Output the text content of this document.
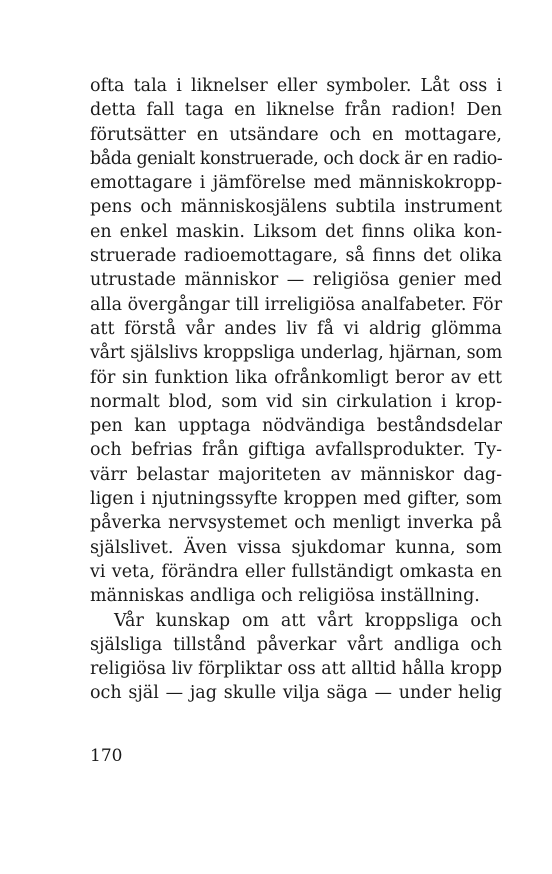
ofta tala i liknelser eller symboler. Låt oss i
detta fall taga en liknelse från radion! Den
förutsätter en utsändare och en mottagare,
båda genialt konstruerade, och dock är en radio-
emottagare i jämförelse med människokropp-
pens och människosjälens subtila instrument
en enkel maskin. Liksom det finns olika kon-
struerade radioemottagare, så finns det olika
utrustade människor — religiösa genier med
alla övergångar till irreligiösa analfabeter. För
att förstå vår andes liv få vi aldrig glömma
vårt själslivs kroppsliga underlag, hjärnan, som
för sin funktion lika ofrånkomligt beror av ett
normalt blod, som vid sin cirkulation i krop-
pen kan upptaga nödvändiga beståndsdelar
och befrias från giftiga avfallsprodukter. Ty-
värr belastar majoriteten av människor dag-
ligen i njutningssyfte kroppen med gifter, som
påverka nervsystemet och menligt inverka på
själslivet. Även vissa sjukdomar kunna, som
vi veta, förändra eller fullständigt omkasta en
människas andliga och religiösa inställning.
Vår kunskap om att vårt kroppsliga och
själsliga tillstånd påverkar vårt andliga och
religiösa liv förpliktar oss att alltid hålla kropp
och själ — jag skulle vilja säga — under helig
170
